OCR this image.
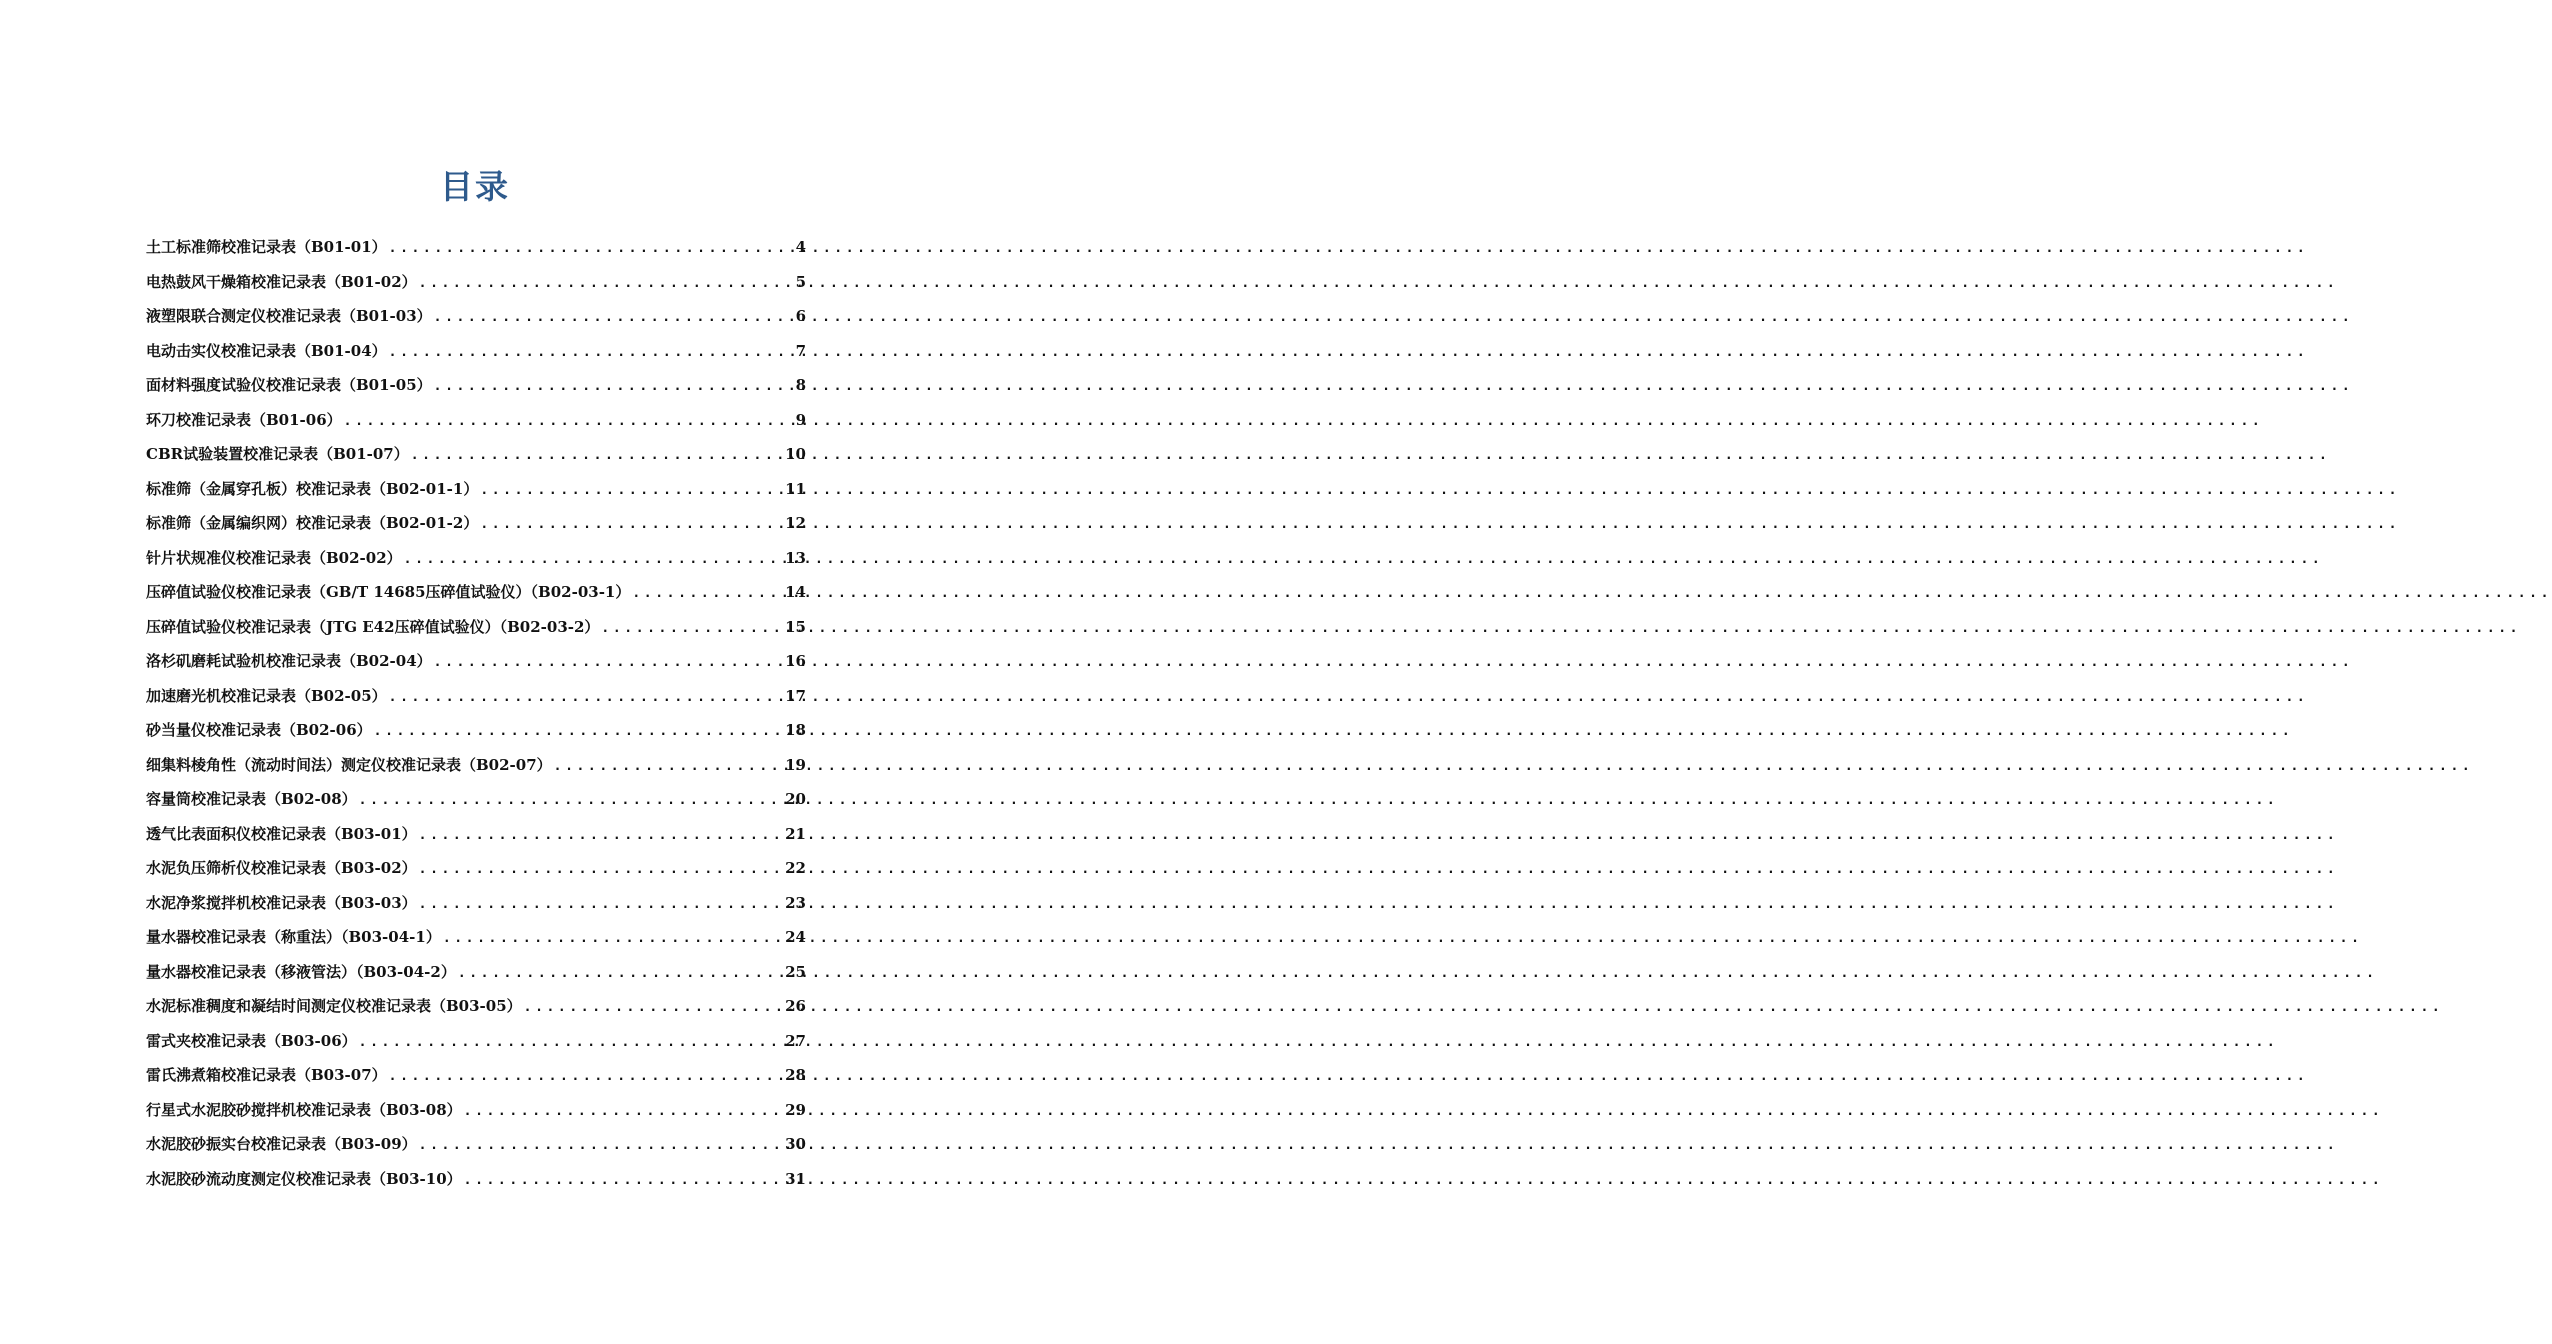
目录
土工标准筛校准记录表（B01-01） .....	4
电热鼓风干燥箱校准记录表（B01-02） .....	5
液塑限联合测定仪校准记录表（B01-03） .....	6
电动击实仪校准记录表（B01-04） .....	7
面材料强度试验仪校准记录表（B01-05） .....	8
环刀校准记录表（B01-06） .....	9
CBR试验装置校准记录表（B01-07） .....	10
标准筛（金属穿孔板）校准记录表（B02-01-1） .....	11
标准筛（金属编织网）校准记录表（B02-01-2） .....	12
针片状规准仪校准记录表（B02-02） .....	13
压碎值试验仪校准记录表（GB/T 14685压碎值试验仪）（B02-03-1） .....	14
压碎值试验仪校准记录表（JTG E42压碎值试验仪）（B02-03-2） .....	15
洛杉矶磨耗试验机校准记录表（B02-04） .....	16
加速磨光机校准记录表（B02-05） .....	17
砂当量仪校准记录表（B02-06） .....	18
细集料棱角性（流动时间法）测定仪校准记录表（B02-07） .....	19
容量筒校准记录表（B02-08） .....	20
透气比表面积仪校准记录表（B03-01） .....	21
水泥负压筛析仪校准记录表（B03-02） .....	22
水泥净浆搅拌机校准记录表（B03-03） .....	23
量水器校准记录表（称重法）（B03-04-1） .....	24
量水器校准记录表（移液管法）（B03-04-2） .....	25
水泥标准稠度和凝结时间测定仪校准记录表（B03-05） .....	26
雷式夹校准记录表（B03-06） .....	27
雷氏沸煮箱校准记录表（B03-07） .....	28
行星式水泥胶砂搅拌机校准记录表（B03-08） .....	29
水泥胶砂振实台校准记录表（B03-09） .....	30
水泥胶砂流动度测定仪校准记录表（B03-10） .....	31
